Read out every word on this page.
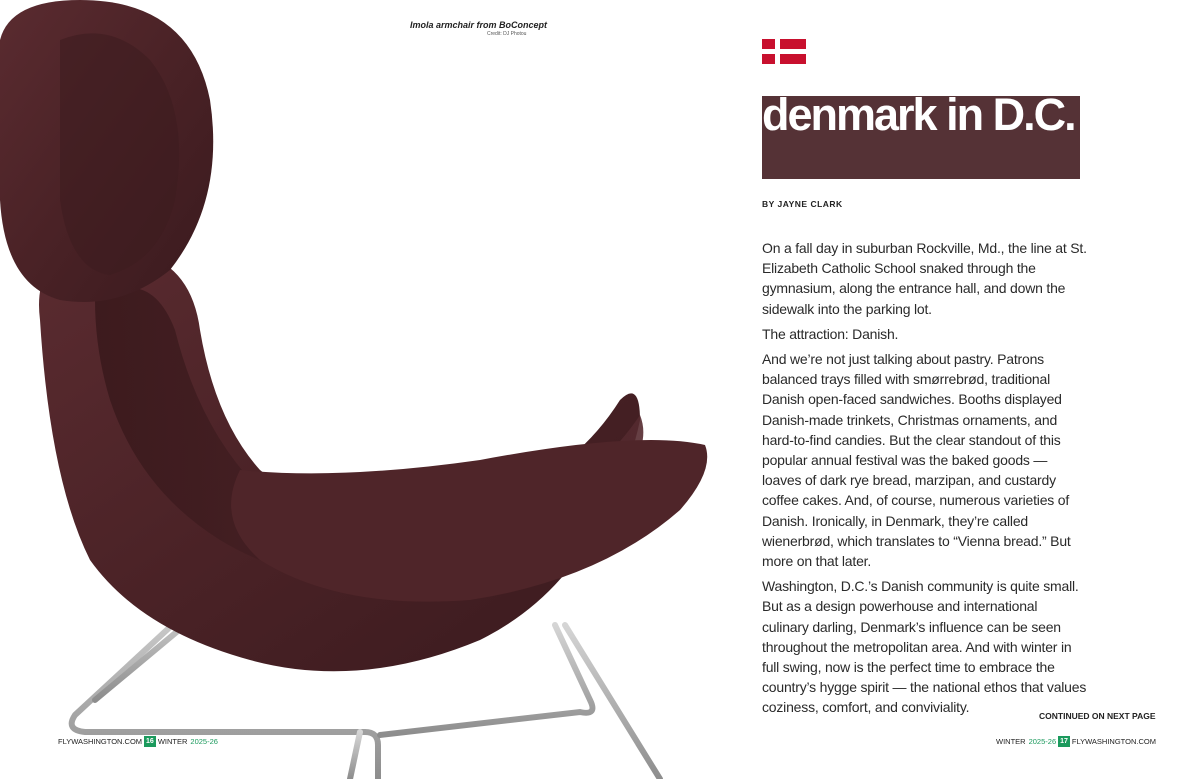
Imola armchair from BoConcept
Credit: DJ Photou
denmark in D.C.
BY JAYNE CLARK

On a fall day in suburban Rockville, Md., the line at St. Elizabeth Catholic School snaked through the gymnasium, along the entrance hall, and down the sidewalk into the parking lot.

The attraction: Danish.

And we’re not just talking about pastry. Patrons balanced trays filled with smørrebrød, traditional Danish open-faced sandwiches. Booths displayed Danish-made trinkets, Christmas ornaments, and hard-to-find candies. But the clear standout of this popular annual festival was the baked goods — loaves of dark rye bread, marzipan, and custardy coffee cakes. And, of course, numerous varieties of Danish. Ironically, in Denmark, they’re called wienerbrød, which translates to “Vienna bread.” But more on that later.

Washington, D.C.’s Danish community is quite small. But as a design powerhouse and international culinary darling, Denmark’s influence can be seen throughout the metropolitan area. And with winter in full swing, now is the perfect time to embrace the country’s hygge spirit — the national ethos that values coziness, comfort, and conviviality.

CONTINUED ON NEXT PAGE
FLYWASHINGTON.COM 16 WINTER 2025-26	WINTER 2025-26 17 FLYWASHINGTON.COM
